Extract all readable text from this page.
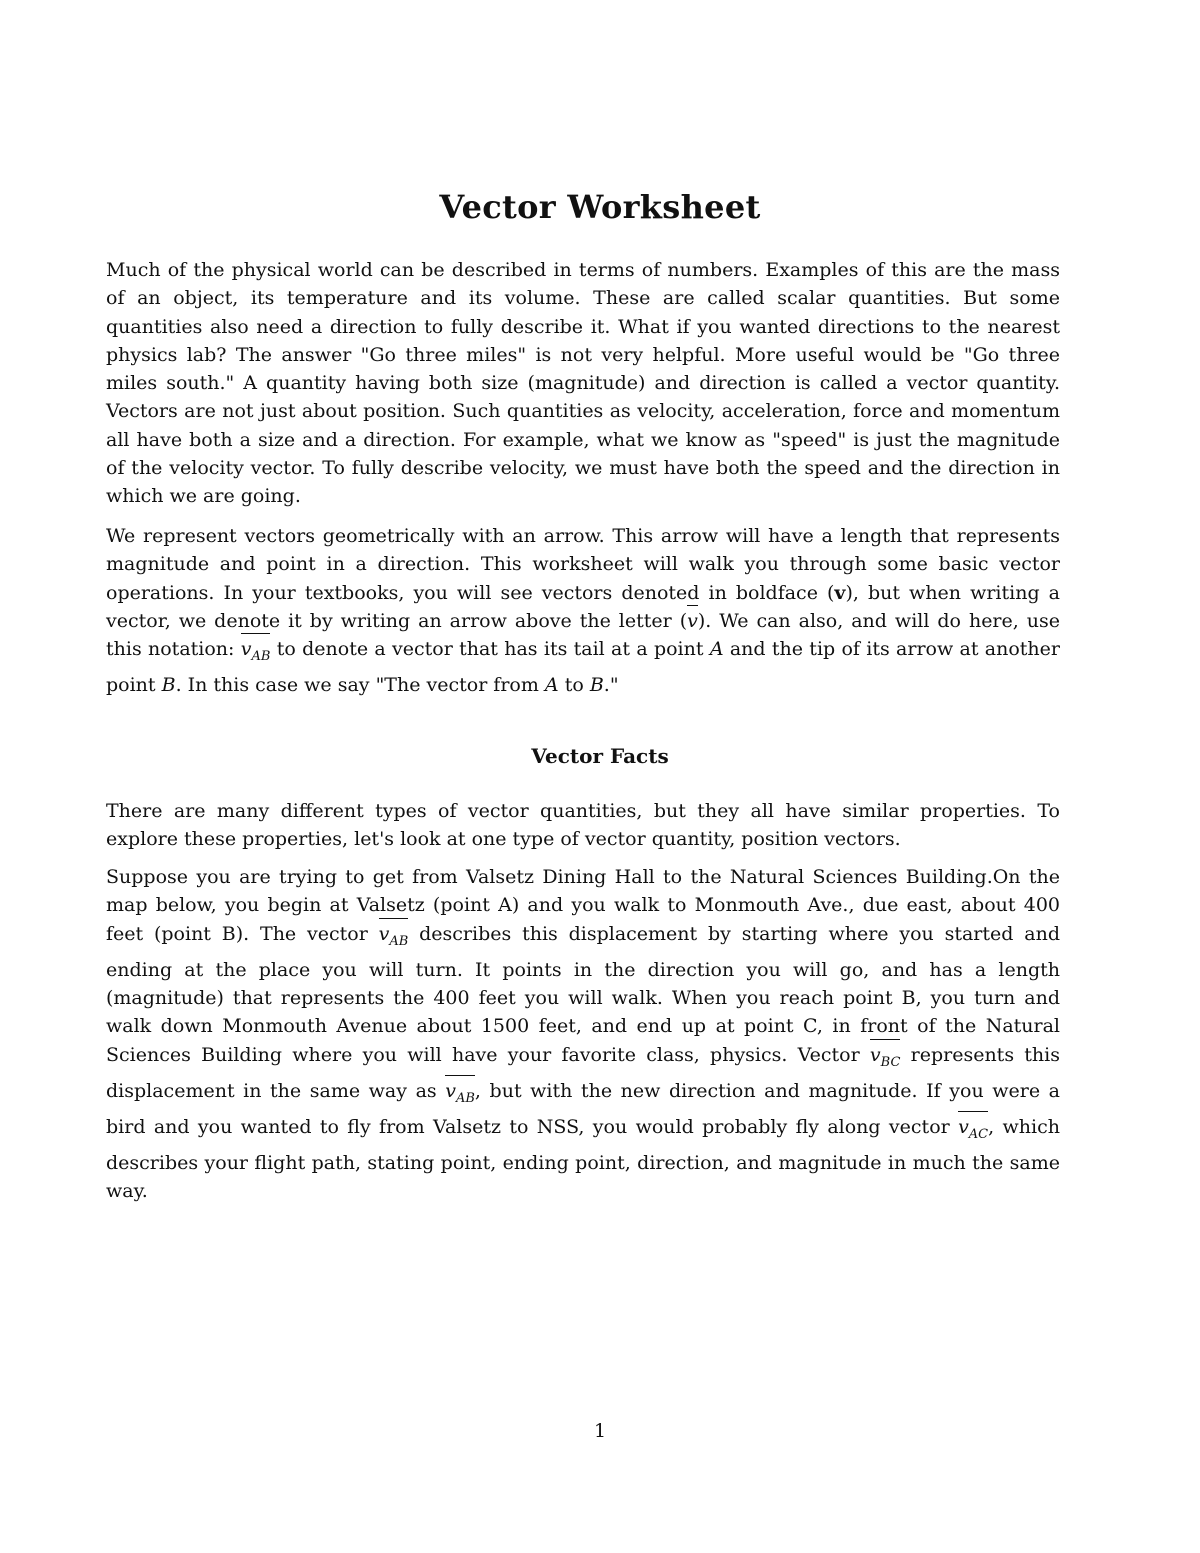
Vector Worksheet
Much of the physical world can be described in terms of numbers. Examples of this are the mass of an object, its temperature and its volume. These are called scalar quantities. But some quantities also need a direction to fully describe it. What if you wanted directions to the nearest physics lab? The answer "Go three miles" is not very helpful. More useful would be "Go three miles south." A quantity having both size (magnitude) and direction is called a vector quantity. Vectors are not just about position. Such quantities as velocity, acceleration, force and momentum all have both a size and a direction. For example, what we know as "speed" is just the magnitude of the velocity vector. To fully describe velocity, we must have both the speed and the direction in which we are going.
We represent vectors geometrically with an arrow. This arrow will have a length that represents magnitude and point in a direction. This worksheet will walk you through some basic vector operations. In your textbooks, you will see vectors denoted in boldface (v), but when writing a vector, we denote it by writing an arrow above the letter (
v). We can also, and will do here, use this notation:
$v_{AB}$ to denote a vector that has its tail at a point A and the tip of its arrow at another point B. In this case we say "The vector from A to B."
Vector Facts
There are many different types of vector quantities, but they all have similar properties. To explore these properties, let's look at one type of vector quantity, position vectors.
Suppose you are trying to get from Valsetz Dining Hall to the Natural Sciences Building.On the map below, you begin at Valsetz (point A) and you walk to Monmouth Ave., due east, about 400 feet (point B). The vector
$v_{AB}$ describes this displacement by starting where you started and ending at the place you will turn. It points in the direction you will go, and has a length (magnitude) that represents the 400 feet you will walk. When you reach point B, you turn and walk down Monmouth Avenue about 1500 feet, and end up at point C, in front of the Natural Sciences Building where you will have your favorite class, physics. Vector
$v_{BC}$ represents this displacement in the same way as
$v_{AB}$, but with the new direction and magnitude. If you were a bird and you wanted to fly from Valsetz to NSS, you would probably fly along vector
$v_{AC}$, which describes your flight path, stating point, ending point, direction, and magnitude in much the same way.
1
